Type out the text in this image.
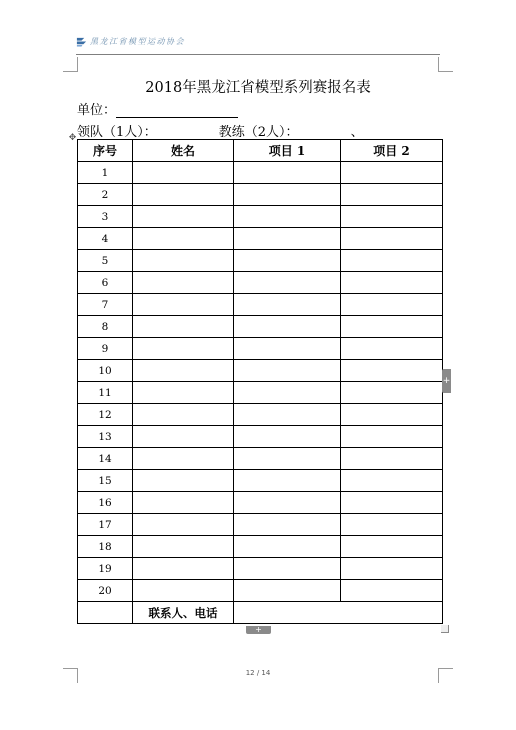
黑龙江省模型运动协会
2018年黑龙江省模型系列赛报名表
单位：
领队（1人）：	教练（2人）：	、
✥
序号	姓名	项目 1	项目 2
1			
2			
3			
4			
5			
6			
7			
8			
9			
10			
11			
12			
13			
14			
15			
16			
17			
18			
19			
20			
	联系人、电话		
+
+
12 / 14
